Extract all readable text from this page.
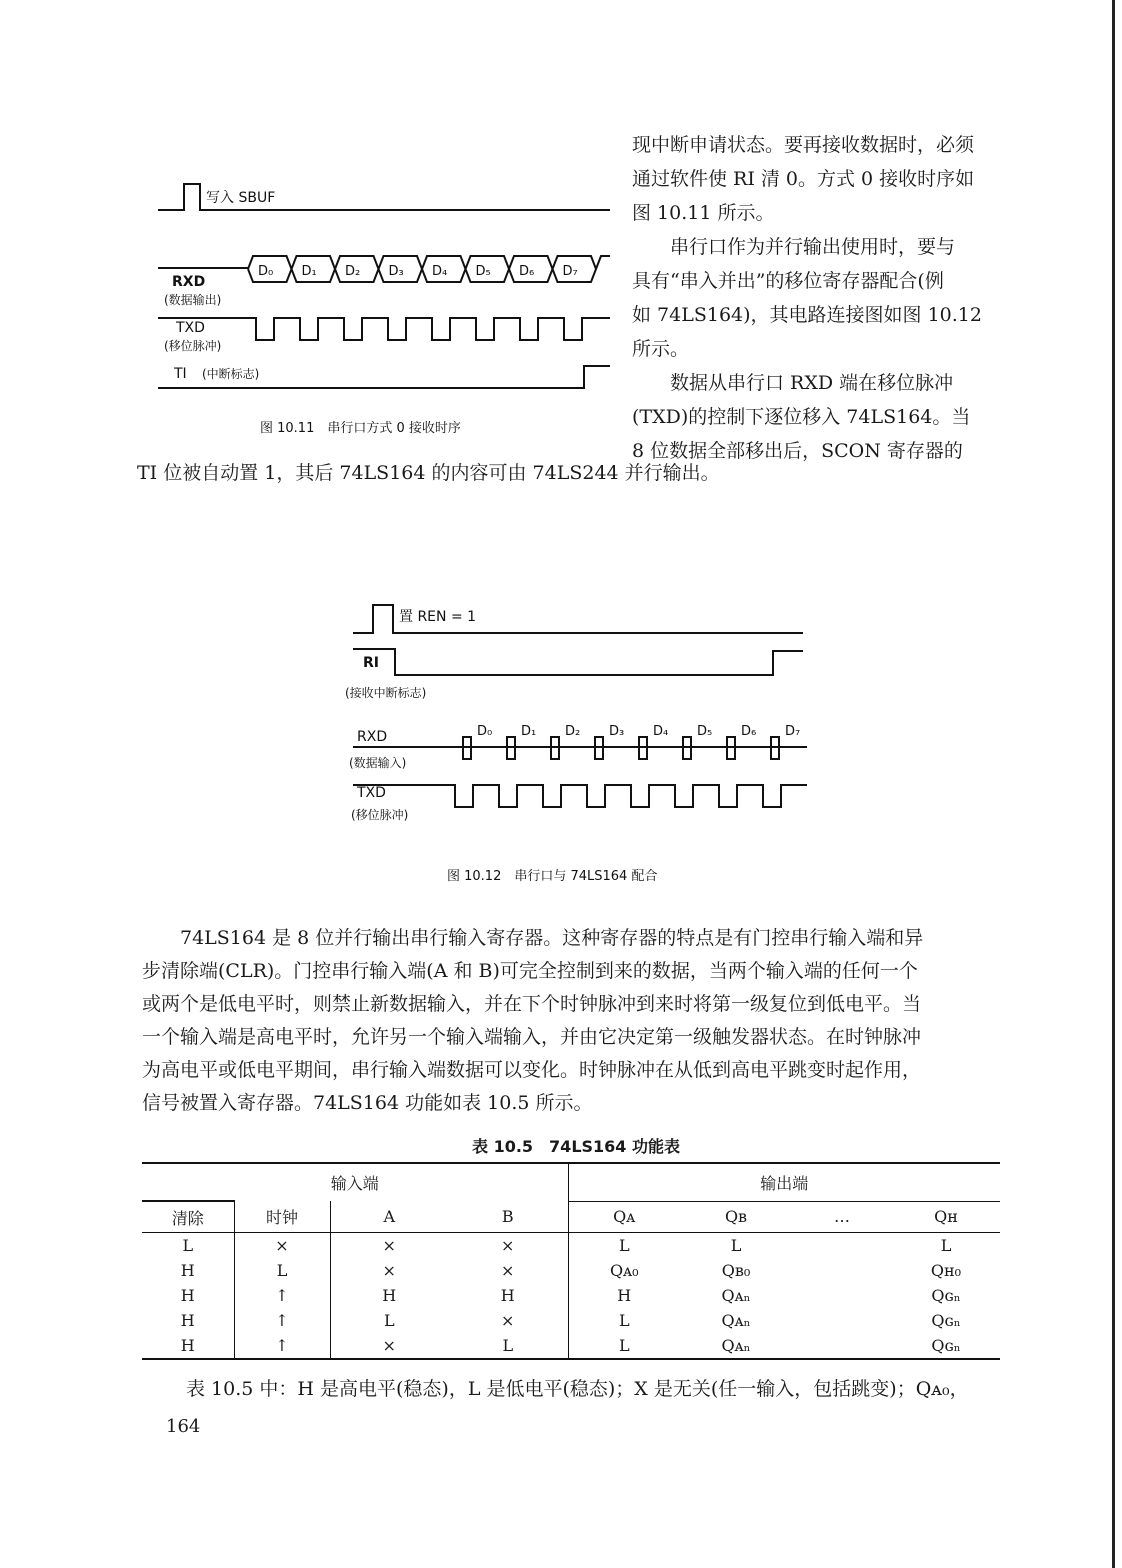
写入 SBUF
RXD
(数据输出)
D₀ D₁ D₂ D₃ D₄ D₅ D₆ D₇
TXD
(移位脉冲)
TI (中断标志)
图 10.11　串行口方式 0 接收时序

现中断申请状态。要再接收数据时，必须

通过软件使 RI 清 0。方式 0 接收时序如

图 10.11 所示。

串行口作为并行输出使用时，要与

具有“串入并出”的移位寄存器配合(例

如 74LS164)，其电路连接图如图 10.12

所示。

数据从串行口 RXD 端在移位脉冲

(TXD)的控制下逐位移入 74LS164。当

8 位数据全部移出后，SCON 寄存器的

TI 位被自动置 1，其后 74LS164 的内容可由 74LS244 并行输出。
置 REN = 1
RI
(接收中断标志)
RXD
(数据输入)
D₀ D₁ D₂ D₃ D₄ D₅ D₆ D₇
TXD
(移位脉冲)
图 10.12　串行口与 74LS164 配合

74LS164 是 8 位并行输出串行输入寄存器。这种寄存器的特点是有门控串行输入端和异

步清除端(CLR)。门控串行输入端(A 和 B)可完全控制到来的数据，当两个输入端的任何一个

或两个是低电平时，则禁止新数据输入，并在下个时钟脉冲到来时将第一级复位到低电平。当

一个输入端是高电平时，允许另一个输入端输入，并由它决定第一级触发器状态。在时钟脉冲

为高电平或低电平期间，串行输入端数据可以变化。时钟脉冲在从低到高电平跳变时起作用，

信号被置入寄存器。74LS164 功能如表 10.5 所示。

表 10.5　74LS164 功能表
输入端				输出端			
清除	时钟	A	B	Qᴀ	Qʙ	…	Qʜ
L	×	×	×	L	L		L
H	L	×	×	Qᴀ₀	Qʙ₀		Qʜ₀
H	↑	H	H	H	Qᴀₙ		Qɢₙ
H	↑	L	×	L	Qᴀₙ		Qɢₙ
H	↑	×	L	L	Qᴀₙ		Qɢₙ
表 10.5 中：H 是高电平(稳态)，L 是低电平(稳态)；X 是无关(任一输入，包括跳变)；Qᴀ₀，
164
